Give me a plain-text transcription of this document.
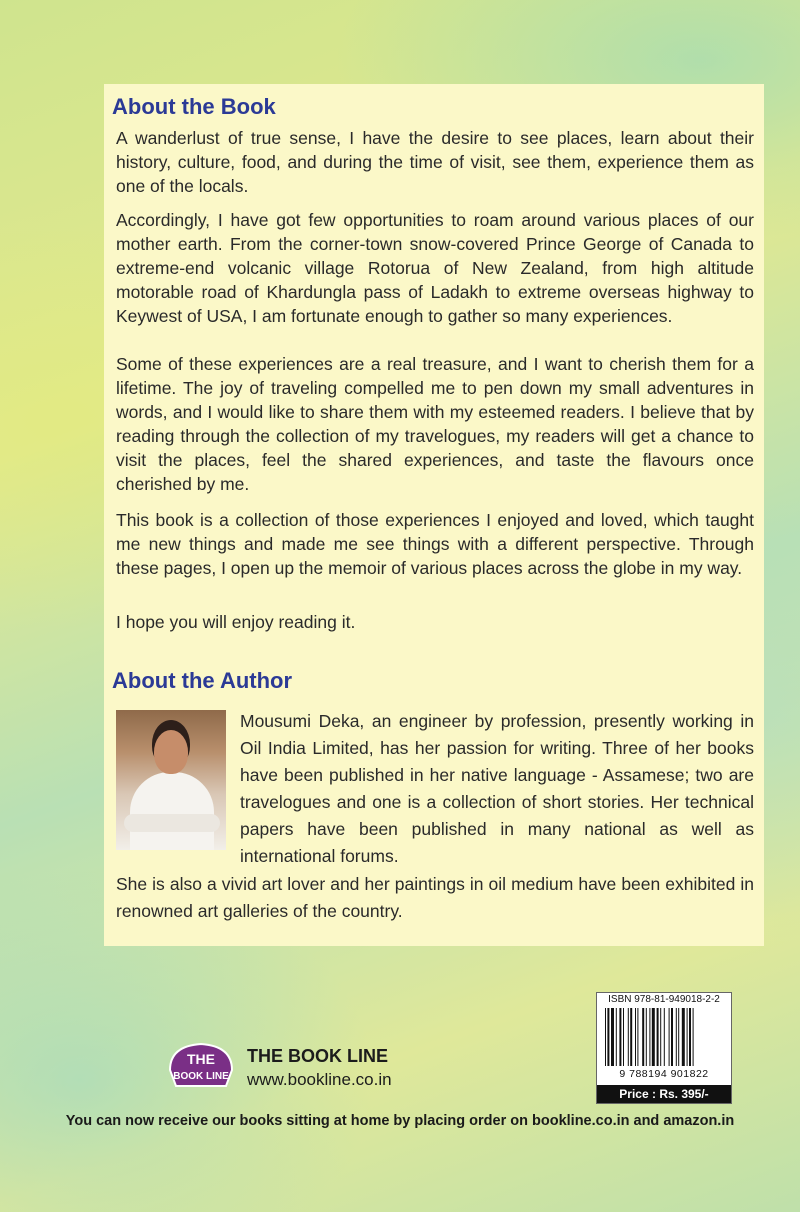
About the Book

A wanderlust of true sense, I have the desire to see places, learn about their history, culture, food, and during the time of visit, see them, experience them as one of the locals.

Accordingly, I have got few opportunities to roam around various places of our mother earth. From the corner-town snow-covered Prince George of Canada to extreme-end volcanic village Rotorua of New Zealand, from high altitude motorable road of Khardungla pass of Ladakh to extreme overseas highway to Keywest of USA, I am fortunate enough to gather so many experiences.

Some of these experiences are a real treasure, and I want to cherish them for a lifetime. The joy of traveling compelled me to pen down my small adventures in words, and I would like to share them with my esteemed readers. I believe that by reading through the collection of my travelogues, my readers will get a chance to visit the places, feel the shared experiences, and taste the flavours once cherished by me.

This book is a collection of those experiences I enjoyed and loved, which taught me new things and made me see things with a different perspective. Through these pages, I open up the memoir of various places across the globe in my way.

I hope you will enjoy reading it.

About the Author

Mousumi Deka, an engineer by profession, presently working in Oil India Limited, has her passion for writing. Three of her books have been published in her native language - Assamese; two are travelogues and one is a collection of short stories. Her technical papers have been published in many national as well as international forums.

She is also a vivid art lover and her paintings in oil medium have been exhibited in renowned art galleries of the country.

THE
BOOK LINE
THE BOOK LINE
www.bookline.co.in
ISBN 978-81-949018-2-2
9 788194 901822
Price : Rs. 395/-
You can now receive our books sitting at home by placing order on bookline.co.in and amazon.in
